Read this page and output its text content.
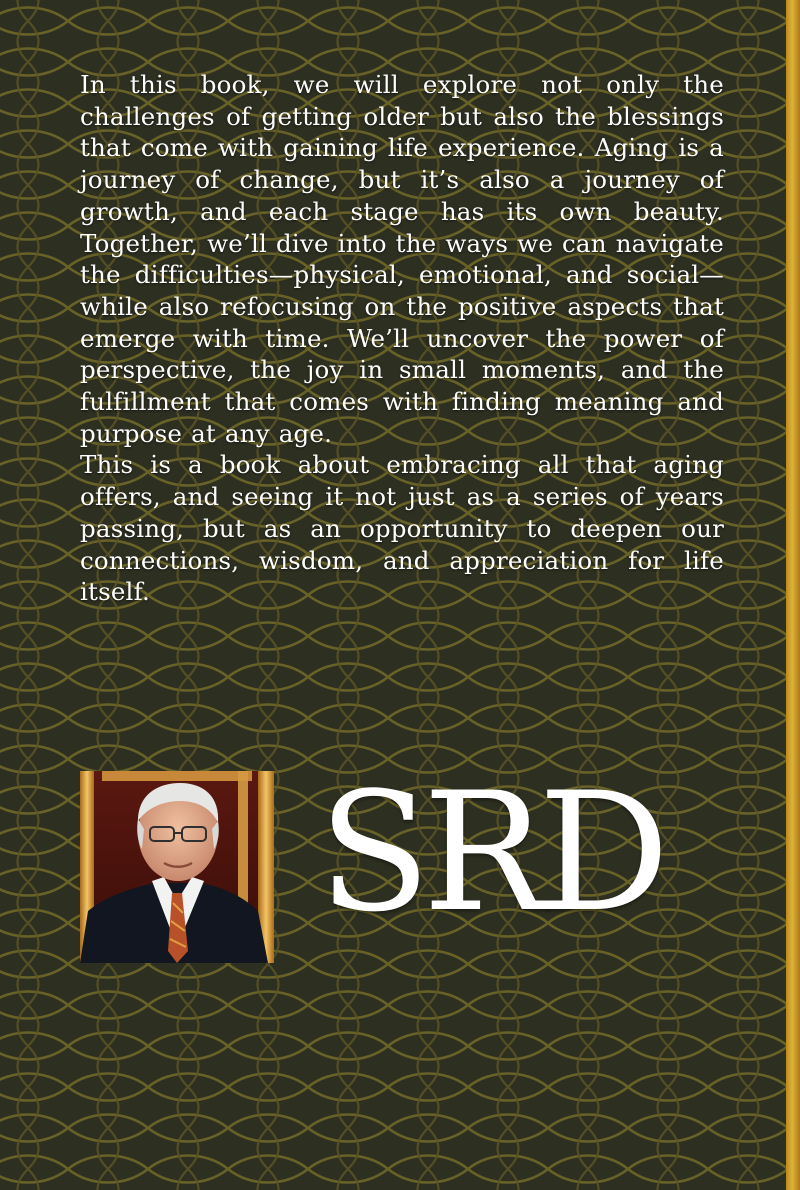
In this book, we will explore not only the challenges of getting older but also the blessings that come with gaining life experience. Aging is a journey of change, but it’s also a journey of growth, and each stage has its own beauty. Together, we’ll dive into the ways we can navigate the difficulties—physical, emotional, and social—while also refocusing on the positive aspects that emerge with time. We’ll uncover the power of perspective, the joy in small moments, and the fulfillment that comes with finding meaning and purpose at any age.

This is a book about embracing all that aging offers, and seeing it not just as a series of years passing, but as an opportunity to deepen our connections, wisdom, and appreciation for life itself.

SRD
